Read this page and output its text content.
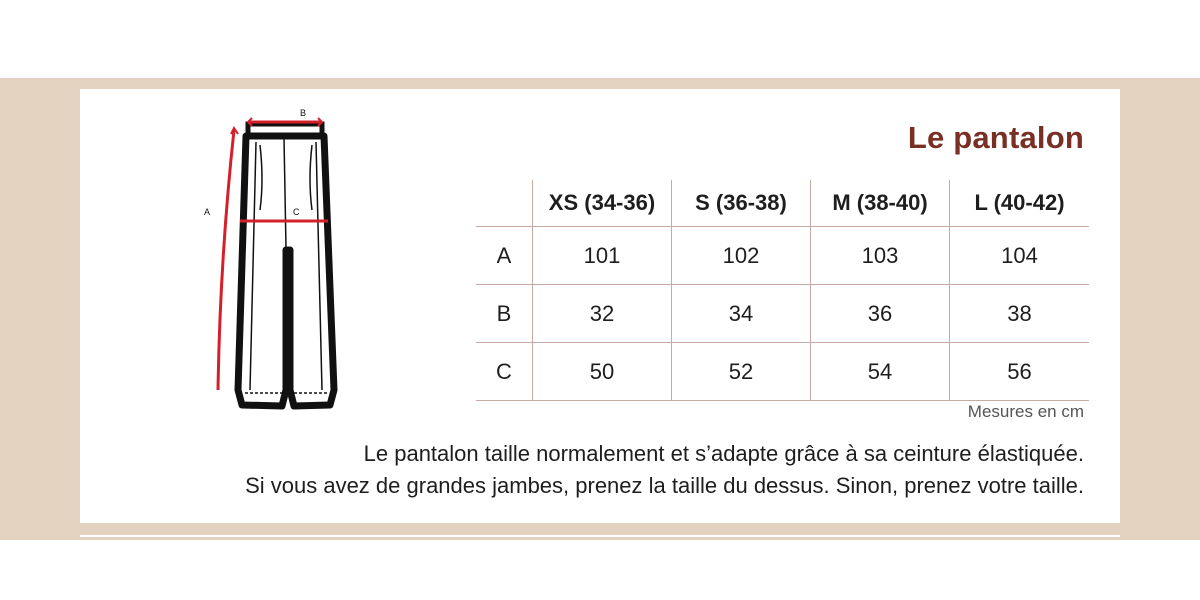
B
C
A
Le pantalon
	XS (34-36)	S (36-38)	M (38-40)	L (40-42)
A	101	102	103	104
B	32	34	36	38
C	50	52	54	56
Mesures en cm
Le pantalon taille normalement et s’adapte grâce à sa ceinture élastiquée.
Si vous avez de grandes jambes, prenez la taille du dessus. Sinon, prenez votre taille.
